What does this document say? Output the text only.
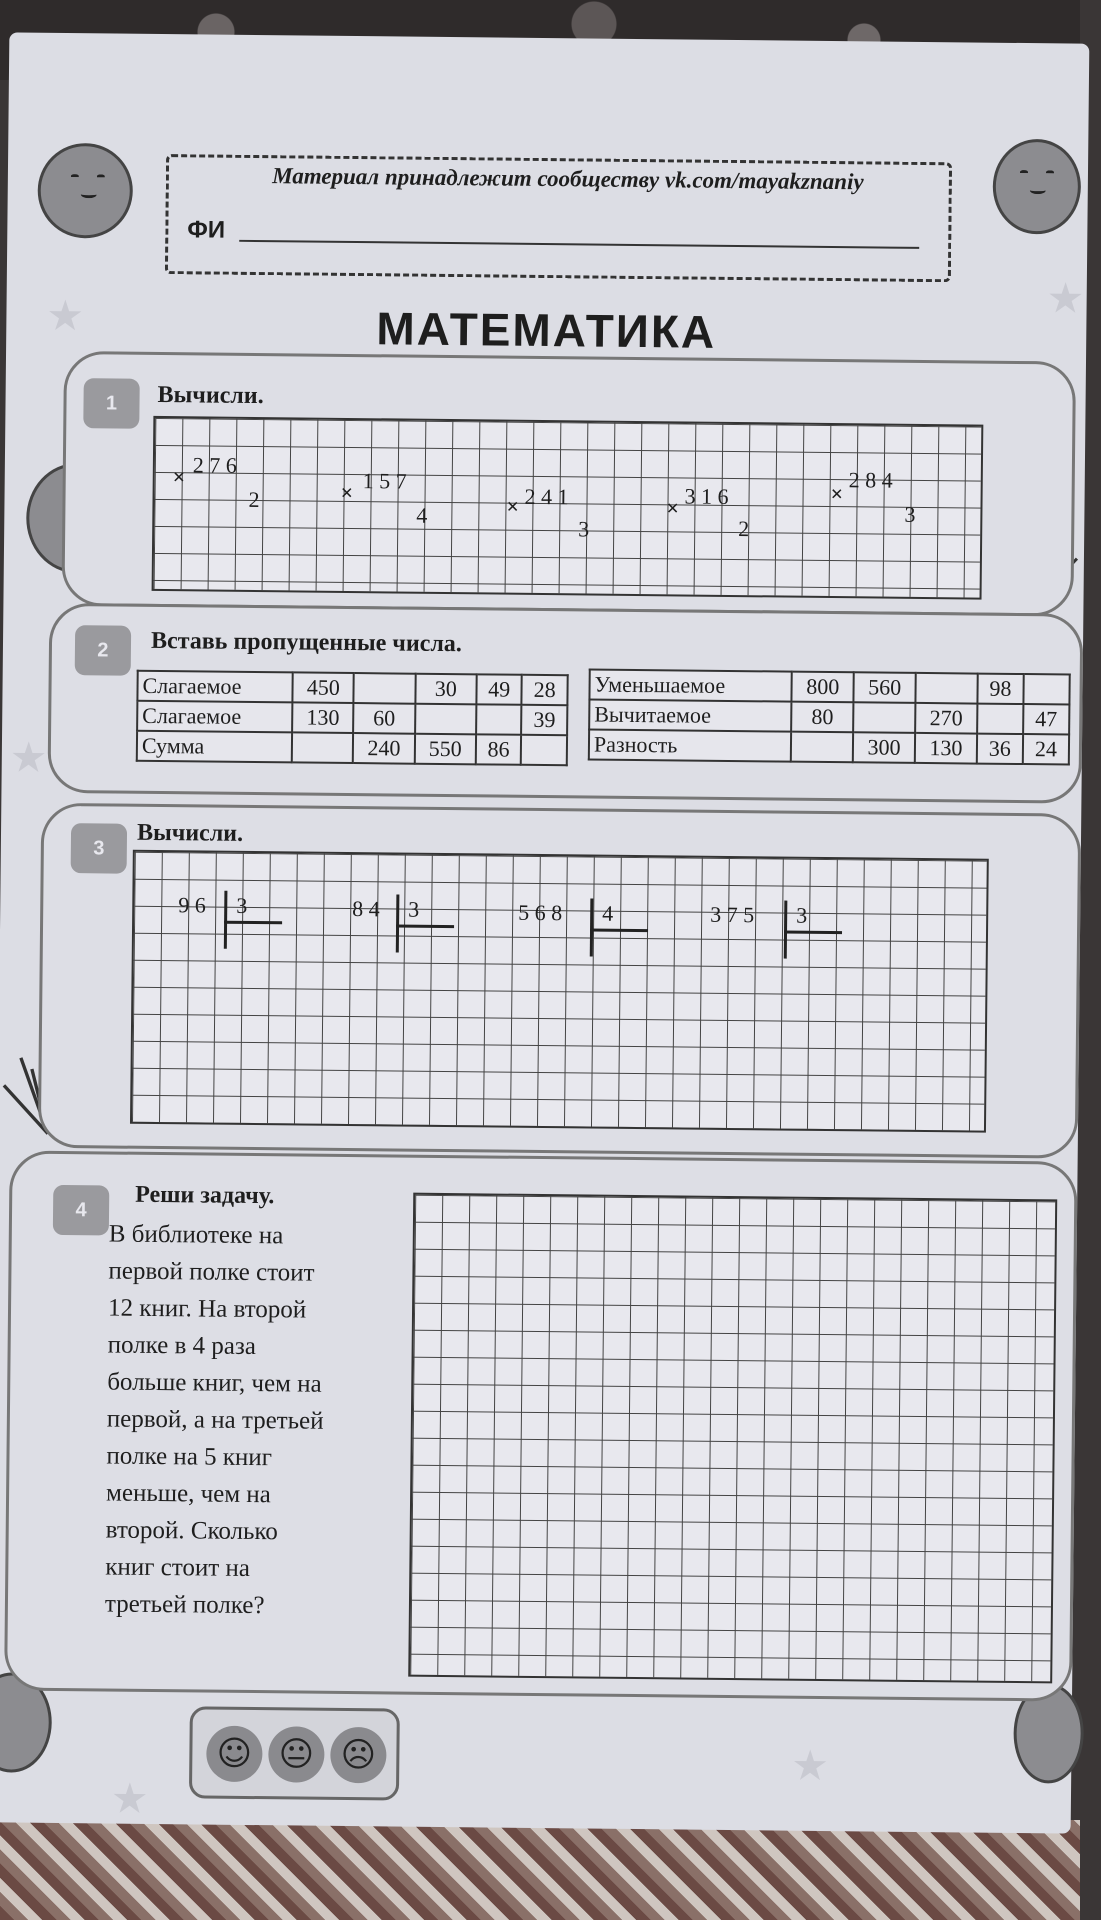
★	★
★
★
★
Материал принадлежит сообществу vk.com/mayakznaniy
ФИ
МАТЕМАТИКА
1	Вычисли.
× 2 7 6
2	× 1 5 7
4	× 2 4 1
3
× 3 1 6
2
×
2 8 4
3
2	Вставь пропущенные числа.
Слагаемое	450		30	49	28
Слагаемое	130	60			39
Сумма		240	550	86	
Уменьшаемое	800	560		98	
Вычитаемое	80		270		47
Разность		300	130	36	24
3
Вычисли.
9 6 3	8 4 3	5 6 8 4	3 7 5 3
4
Реши задачу.
В библиотеке на
первой полке стоит
12 книг. На второй
полке в 4 раза
больше книг, чем на
первой, а на третьей
полке на 5 книг
меньше, чем на
второй. Сколько
книг стоит на
третьей полке?
☺ 😐 ☹
